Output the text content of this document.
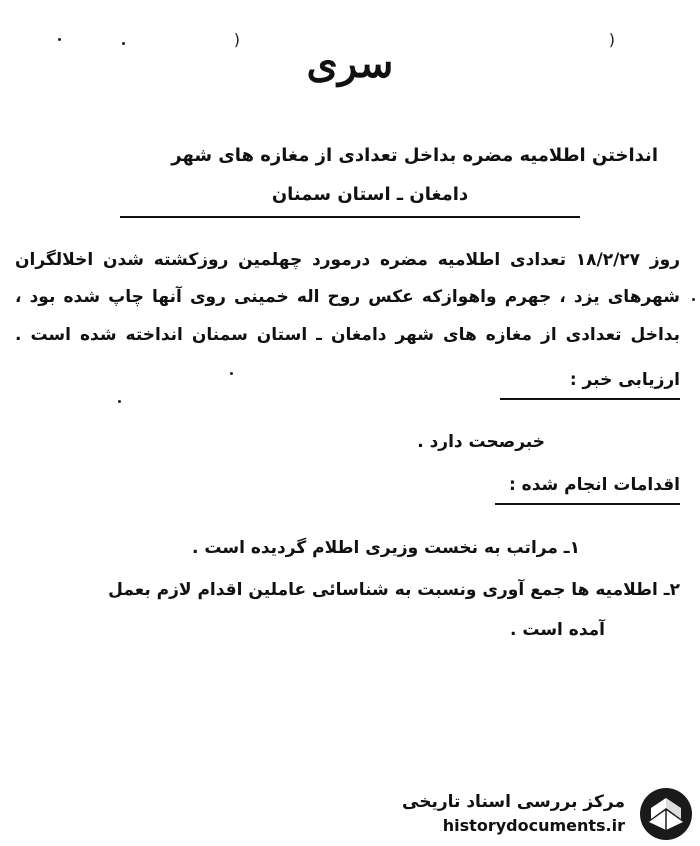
(	(
سری
انداختن اطلامیه مضره بداخل تعدادی از مغازه های شهر
دامغان ـ استان سمنان
روز ۱۸/۲/۲۷ تعدادی اطلامیه مضره درمورد چهلمین روزکشته شدن اخلالگران
شهرهای یزد ، جهرم واهوازکه عکس روح اله خمینی روی آنها چاپ شده بود ،
بداخل تعدادی از مغازه های شهر دامغان ـ استان سمنان انداخته شده است .
ارزیابی خبر :
خبرصحت دارد .
اقدامات انجام شده :
۱ـ مراتب به نخست وزیری اطلام گردیده است .
۲ـ اطلامیه ها جمع آوری ونسبت به شناسائی عاملین اقدام لازم بعمل
آمده است .
مرکز بررسی اسناد تاریخی
historydocuments.ir
